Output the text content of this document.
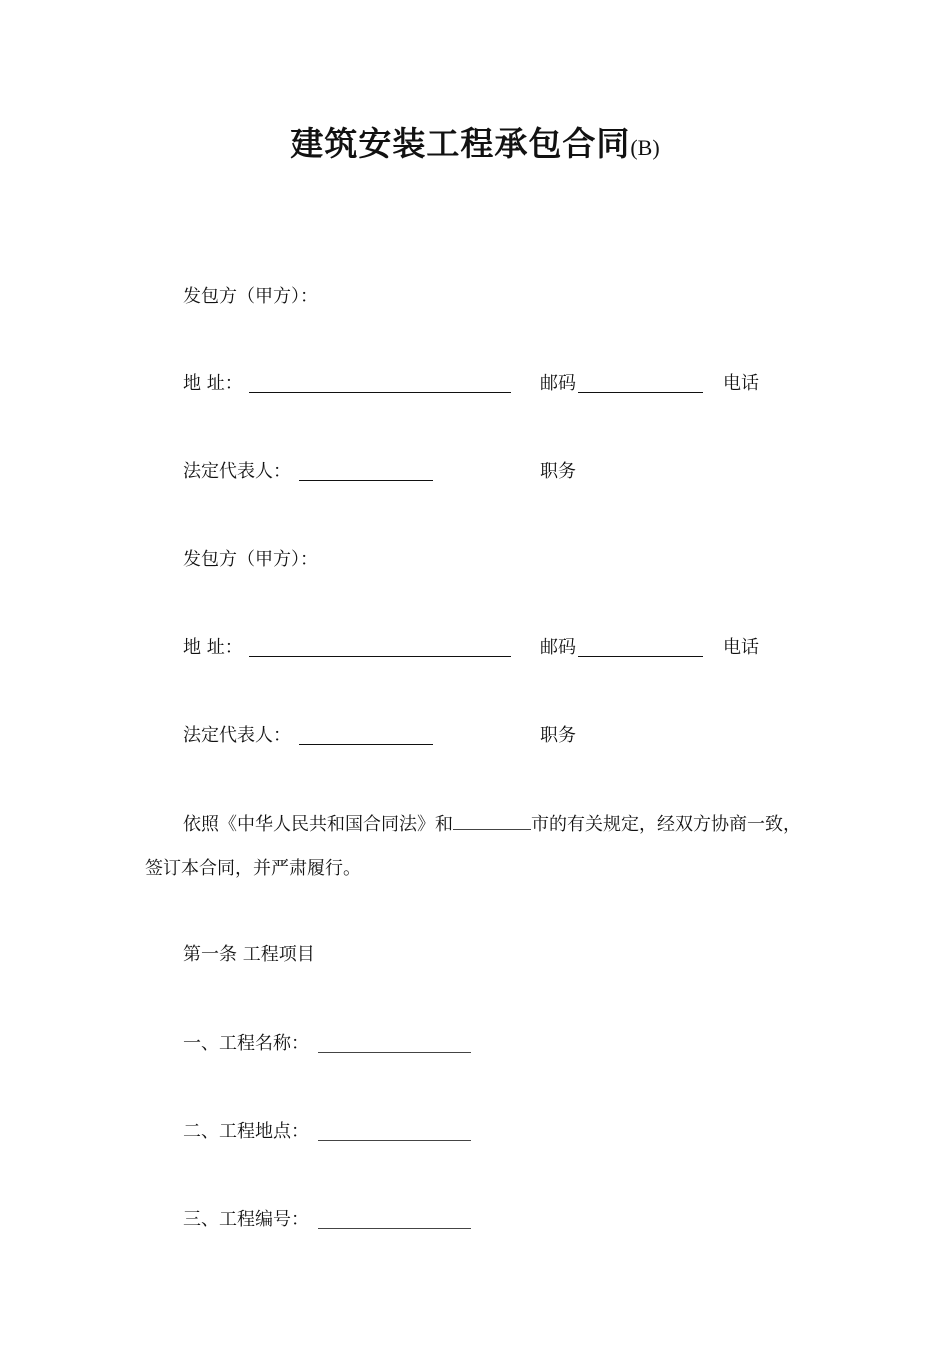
建筑安装工程承包合同(B)
发包方（甲方）：
地 址：	邮码	电话
法定代表人：	职务
发包方（甲方）：
地 址：	邮码	电话
法定代表人：	职务
依照《中华人民共和国合同法》和	市的有关规定，经双方协商一致，签订本合同，并严肃履行。
第一条 工程项目
一、工程名称：
二、工程地点：
三、工程编号：
